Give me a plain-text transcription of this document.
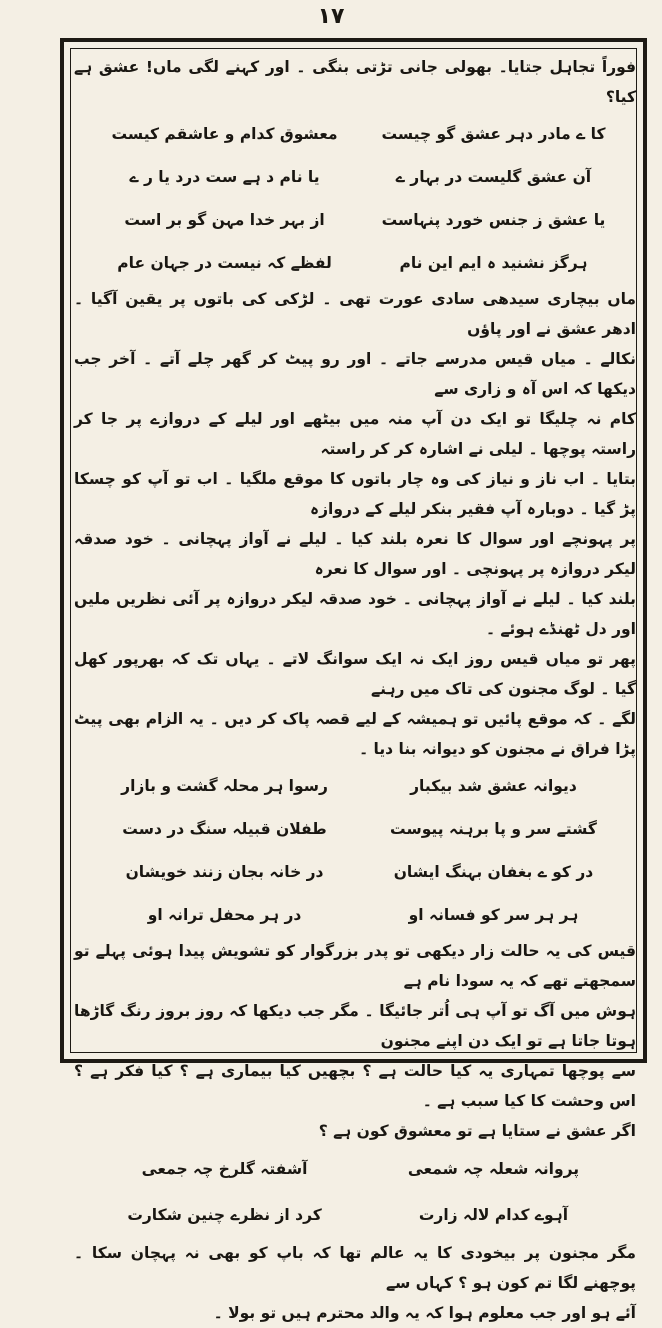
۱۷

فوراً تجاہل جتایا۔ بھولی جانی تڑتی بنگی ۔ اور کہنے لگی ماں! عشق ہے کیا؟

کا ے مادر دہر عشق گو چیست
معشوق کدام و عاشقم کیست
آن عشق گلیست در بہار ے
یا نام د ہے ست درد یا ر ے
یا عشق ز جنس خورد پنہاست
از بہر خدا مہن گو بر است
ہرگز نشنید ہ ایم این نام
لفظے کہ نیست در جہان عام

ماں بیچاری سیدھی سادی عورت تھی ۔ لڑکی کی باتوں پر یقین آگیا ۔ ادھر عشق نے اور پاؤں

نکالے ۔ میاں قیس مدرسے جاتے ۔ اور رو پیٹ کر گھر چلے آتے ۔ آخر جب دیکھا کہ اس آہ و زاری سے

کام نہ چلیگا تو ایک دن آپ منہ میں بیٹھے اور لیلے کے دروازے پر جا کر راستہ پوچھا ۔ لیلی نے اشارہ کر کر راستہ

بتایا ۔ اب ناز و نیاز کی وہ چار باتوں کا موقع ملگیا ۔ اب تو آپ کو چسکا پڑ گیا ۔ دوبارہ آپ فقیر بنکر لیلے کے دروازہ

پر پہونچے اور سوال کا نعرہ بلند کیا ۔ لیلے نے آواز پہچانی ۔ خود صدقہ لیکر دروازہ پر پہونچی ۔ اور سوال کا نعرہ

بلند کیا ۔ لیلے نے آواز پہچانی ۔ خود صدقہ لیکر دروازہ پر آئی نظریں ملیں اور دل ٹھنڈے ہوئے ۔

پھر تو میاں قیس روز ایک نہ ایک سوانگ لاتے ۔ یہاں تک کہ بھرپور کھل گیا ۔ لوگ مجنون کی تاک میں رہنے

لگے ۔ کہ موقع پائیں تو ہمیشہ کے لیے قصہ پاک کر دیں ۔ یہ الزام بھی پیٹ پڑا فراق نے مجنون کو دیوانہ بنا دیا ۔

دیوانہ عشق شد بیکبار
رسوا ہر محلہ گشت و بازار
گشتے سر و پا برہنہ پیوست
طفلان قبیلہ سنگ در دست
در کو ے بغفان بہنگ ایشان
در خانہ بجان زنند خویشان
ہر ہر سر کو فسانہ او
در ہر محفل ترانہ او

قیس کی یہ حالت زار دیکھی تو پدر بزرگوار کو تشویش پیدا ہوئی پہلے تو سمجھتے تھے کہ یہ سودا نام ہے

ہوش میں آگ تو آپ ہی اُتر جائیگا ۔ مگر جب دیکھا کہ روز بروز رنگ گاڑھا ہوتا جاتا ہے تو ایک دن اپنے مجنون

سے پوچھا تمہاری یہ کیا حالت ہے ؟ بچھیں کیا بیماری ہے ؟ کیا فکر ہے ؟ اس وحشت کا کیا سبب ہے ۔

اگر عشق نے ستایا ہے تو معشوق کون ہے ؟

پروانہ شعلہ چہ شمعی
آشفتہ گلرخ چہ جمعی
آہوے کدام لالہ زارت
کرد از نظرے چنین شکارت

مگر مجنون پر بیخودی کا یہ عالم تھا کہ باپ کو بھی نہ پہچان سکا ۔ پوچھنے لگا تم کون ہو ؟ کہاں سے

آئے ہو اور جب معلوم ہوا کہ یہ والد محترم ہیں تو بولا ۔
